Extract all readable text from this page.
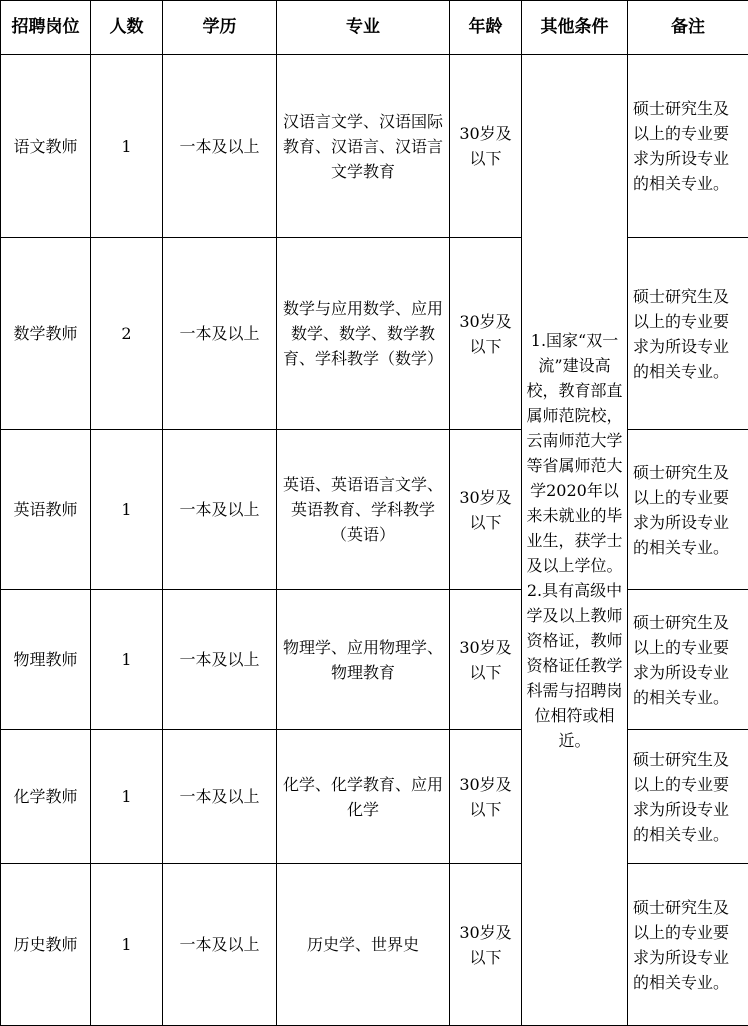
招聘岗位	人数	学历	专业	年龄	其他条件	备注
语文教师	1	一本及以上	汉语言文学、汉语国际教育、汉语言、汉语言文学教育	30岁及以下	1.国家“双一流”建设高校，教育部直属师范院校，云南师范大学等省属师范大学2020年以来未就业的毕业生，获学士及以上学位。2.具有高级中学及以上教师资格证，教师资格证任教学科需与招聘岗位相符或相近。	硕士研究生及以上的专业要求为所设专业的相关专业。
数学教师	2	一本及以上	数学与应用数学、应用数学、数学、数学教育、学科教学（数学）	30岁及以下		硕士研究生及以上的专业要求为所设专业的相关专业。
英语教师	1	一本及以上	英语、英语语言文学、英语教育、学科教学（英语）	30岁及以下		硕士研究生及以上的专业要求为所设专业的相关专业。
物理教师	1	一本及以上	物理学、应用物理学、物理教育	30岁及以下		硕士研究生及以上的专业要求为所设专业的相关专业。
化学教师	1	一本及以上	化学、化学教育、应用化学	30岁及以下		硕士研究生及以上的专业要求为所设专业的相关专业。
历史教师	1	一本及以上	历史学、世界史	30岁及以下		硕士研究生及以上的专业要求为所设专业的相关专业。
